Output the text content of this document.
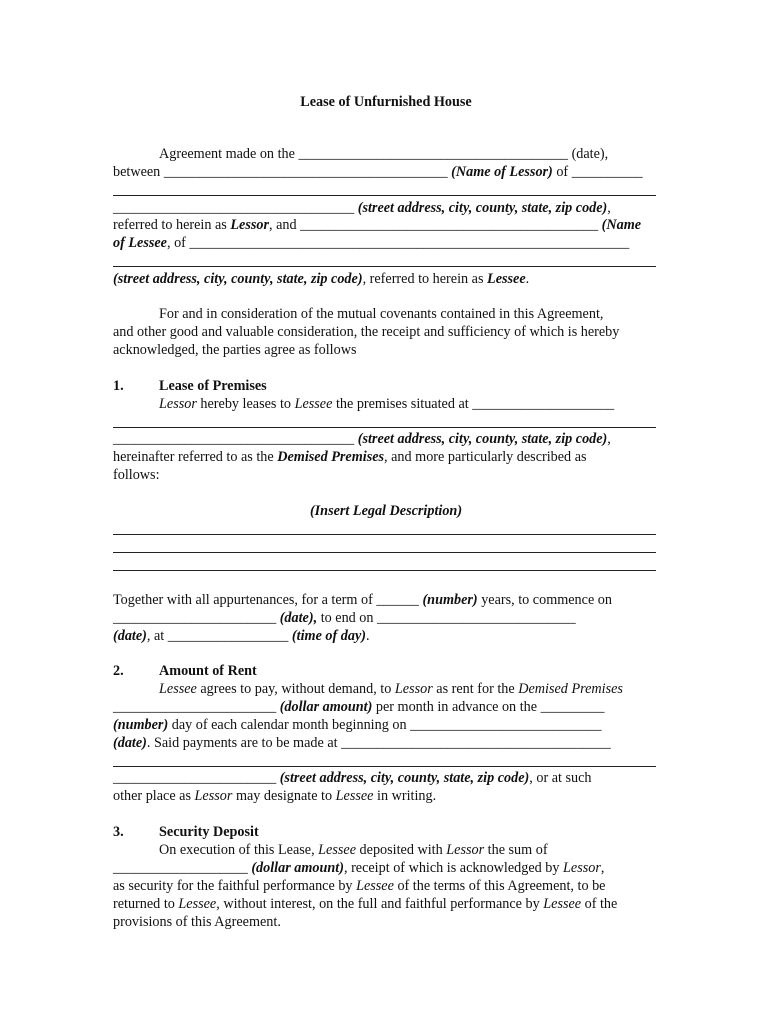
Lease of Unfurnished House
Agreement made on the ______________________________________ (date),
between ________________________________________ (Name of Lessor) of __________
__________________________________ (street address, city, county, state, zip code),
referred to herein as Lessor, and __________________________________________ (Name
of Lessee, of ______________________________________________________________
(street address, city, county, state, zip code), referred to herein as Lessee.
For and in consideration of the mutual covenants contained in this Agreement,
and other good and valuable consideration, the receipt and sufficiency of which is hereby
acknowledged, the parties agree as follows
1. Lease of Premises
Lessor hereby leases to Lessee the premises situated at ____________________
__________________________________ (street address, city, county, state, zip code),
hereinafter referred to as the Demised Premises, and more particularly described as
follows:
(Insert Legal Description)
Together with all appurtenances, for a term of ______ (number) years, to commence on
_______________________ (date), to end on ____________________________
(date), at _________________ (time of day).
2. Amount of Rent
Lessee agrees to pay, without demand, to Lessor as rent for the Demised Premises
_______________________ (dollar amount) per month in advance on the _________
(number) day of each calendar month beginning on ___________________________
(date). Said payments are to be made at ______________________________________
_______________________ (street address, city, county, state, zip code), or at such
other place as Lessor may designate to Lessee in writing.
3. Security Deposit
On execution of this Lease, Lessee deposited with Lessor the sum of
___________________ (dollar amount), receipt of which is acknowledged by Lessor,
as security for the faithful performance by Lessee of the terms of this Agreement, to be
returned to Lessee, without interest, on the full and faithful performance by Lessee of the
provisions of this Agreement.
